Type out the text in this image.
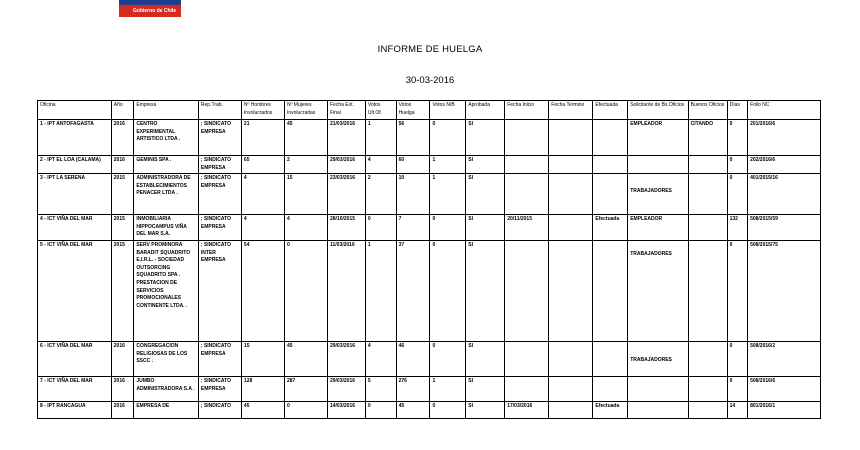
Gobierno de Chile
INFORME DE HUELGA
30-03-2016
Oficina	Año	Empresa	Rep.Trab.	Nº Hombres Involucrados	Nº Mujeres Involucradas	Fecha Ext. Final	Votos Ult.Of.	Votos Huelga	Votos N/B	Aprobada	Fecha Inicio	Fecha Termino	Efectuada	Solicitante de Bs.Oficios	Buenos Oficios	Días	Folio NC
1 - IPT ANTOFAGASTA	2016	CENTRO EXPERIMENTAL ARTISTICO LTDA .	; SINDICATO EMPRESA	21	45	21/03/2016	1	56	0	SI				EMPLEADOR	CITANDO	0	201/2016/6
2 - IPT EL LOA (CALAMA)	2016	GEMINIS SPA .	; SINDICATO EMPRESA	65	2	29/03/2016	4	60	1	SI						0	202/2016/6
3 - IPT LA SERENA	2015	ADMINISTRADORA DE ESTABLECIMIENTOS PENACER LTDA .	; SINDICATO EMPRESA	4	15	23/03/2016	2	10	1	SI				TRABAJADORES		0	401/2015/16
4 - ICT VIÑA DEL MAR	2015	INMOBILIARIA HIPPOCAMPUS VIÑA DEL MAR S.A.	; SINDICATO EMPRESA	4	4	28/10/2015	0	7	0	SI	20/11/2015		Efectuada	EMPLEADOR		132	508/2015/59
5 - ICT VIÑA DEL MAR	2015	SERV PROMINORA BARADIT SQUADRITO E.I.R.L. - SOCIEDAD OUTSORCING SQUADRITO SPA . PRESTACION DE SERVICIOS PROMOCIONALES CONTINENTE LTDA. .	; SINDICATO INTER EMPRESA	54	0	11/03/2016	1	37	0	SI				TRABAJADORES		0	508/2015/75
6 - ICT VIÑA DEL MAR	2016	CONGREGACION RELIGIOSAS DE LOS SSCC .	; SINDICATO EMPRESA	15	45	29/03/2016	4	46	0	SI				TRABAJADORES		0	508/2016/2
7 - ICT VIÑA DEL MAR	2016	JUMBO ADMINISTRADORA S.A .	; SINDICATO EMPRESA	128	287	29/03/2016	5	276	1	SI						0	508/2016/6
8 - IPT RANCAGUA	2016	EMPRESA DE	; SINDICATO	45	0	14/03/2016	0	45	0	SI	17/03/2016		Efectuada			14	801/2016/1
